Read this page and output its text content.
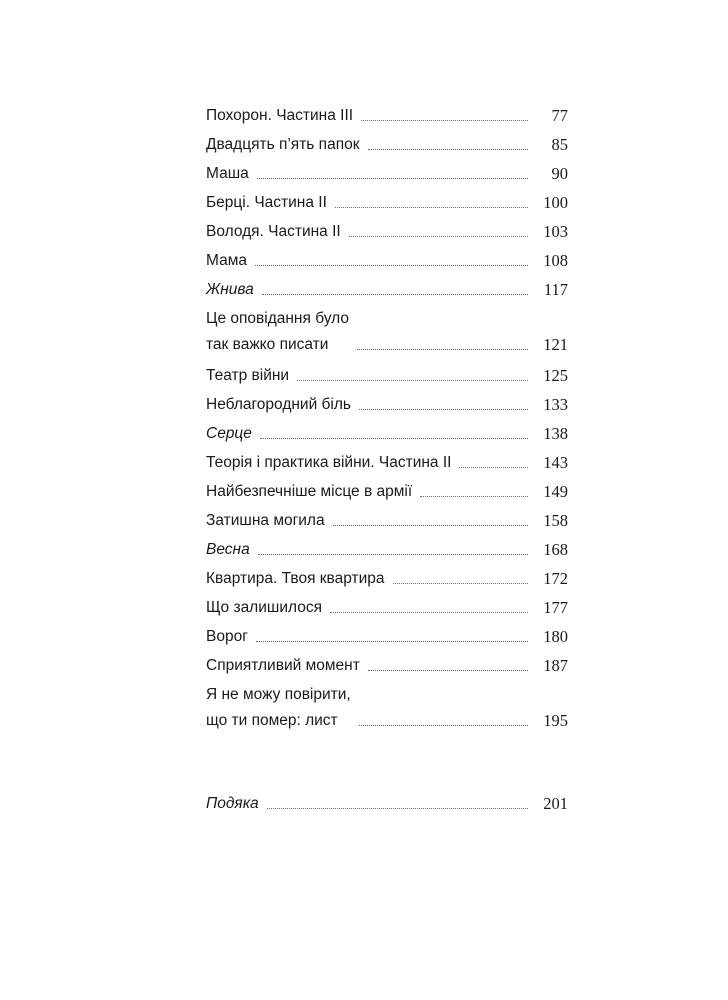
Похорон. Частина III	77
Двадцять п’ять папок	85
Маша	90
Берці. Частина II	100
Володя. Частина II	103
Мама	108
Жнива	117
Це оповідання було
так важко писати	121
Театр війни	125
Неблагородний біль	133
Серце	138
Теорія і практика війни. Частина II	143
Найбезпечніше місце в армії	149
Затишна могила	158
Весна	168
Квартира. Твоя квартира	172
Що залишилося	177
Ворог	180
Сприятливий момент	187
Я не можу повірити,
що ти помер: лист	195
Подяка	201
